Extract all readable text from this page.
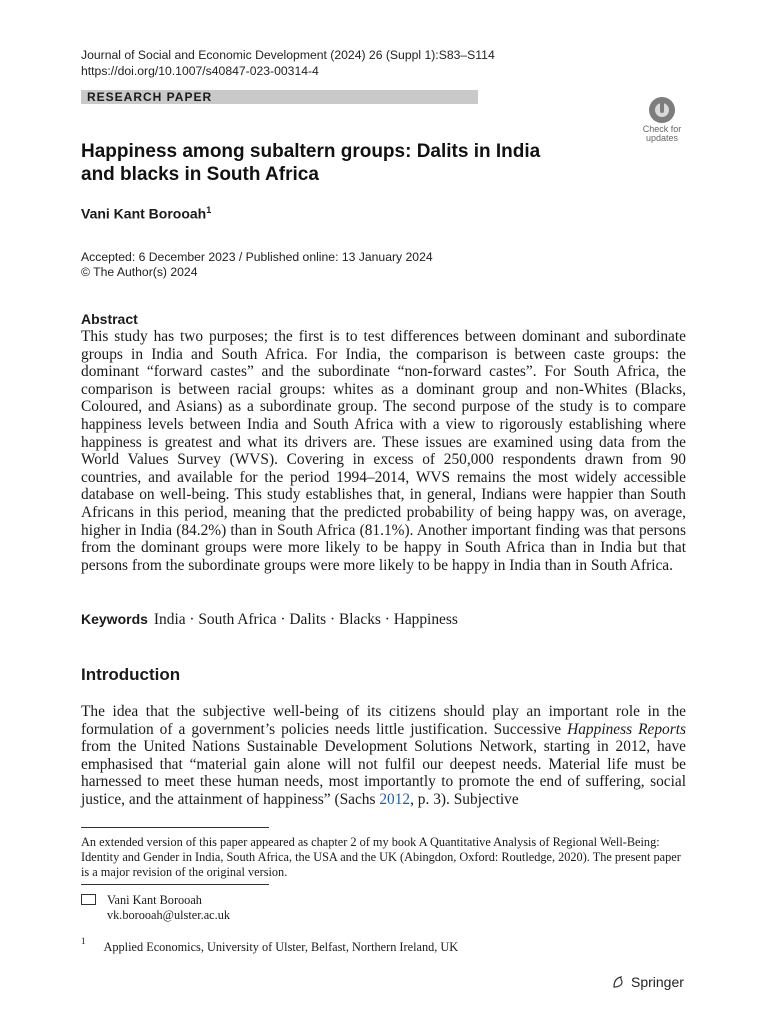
Journal of Social and Economic Development (2024) 26 (Suppl 1):S83–S114
https://doi.org/10.1007/s40847-023-00314-4
RESEARCH PAPER
Check for
updates
Happiness among subaltern groups: Dalits in India
and blacks in South Africa
Vani Kant Borooah$^1$
Accepted: 6 December 2023 / Published online: 13 January 2024
© The Author(s) 2024
Abstract
This study has two purposes; the first is to test differences between dominant and subordinate groups in India and South Africa. For India, the comparison is between caste groups: the dominant “forward castes” and the subordinate “non-forward castes”. For South Africa, the comparison is between racial groups: whites as a dominant group and non-Whites (Blacks, Coloured, and Asians) as a subordinate group. The second purpose of the study is to compare happiness levels between India and South Africa with a view to rigorously establishing where happiness is greatest and what its drivers are. These issues are examined using data from the World Values Survey (WVS). Covering in excess of 250,000 respondents drawn from 90 countries, and available for the period 1994–2014, WVS remains the most widely accessible database on well-being. This study establishes that, in general, Indians were happier than South Africans in this period, meaning that the predicted probability of being happy was, on average, higher in India (84.2%) than in South Africa (81.1%). Another important finding was that persons from the dominant groups were more likely to be happy in South Africa than in India but that persons from the subordinate groups were more likely to be happy in India than in South Africa.
Keywords India · South Africa · Dalits · Blacks · Happiness
Introduction
The idea that the subjective well-being of its citizens should play an important role in the formulation of a government’s policies needs little justification. Successive Happiness Reports from the United Nations Sustainable Development Solutions Network, starting in 2012, have emphasised that “material gain alone will not fulfil our deepest needs. Material life must be harnessed to meet these human needs, most importantly to promote the end of suffering, social justice, and the attainment of happiness” (Sachs 2012, p. 3). Subjective
An extended version of this paper appeared as chapter 2 of my book A Quantitative Analysis of Regional Well-Being: Identity and Gender in India, South Africa, the USA and the UK (Abingdon, Oxford: Routledge, 2020). The present paper is a major revision of the original version.
Vani Kant Borooah
vk.borooah@ulster.ac.uk
$^1$ Applied Economics, University of Ulster, Belfast, Northern Ireland, UK
Springer
